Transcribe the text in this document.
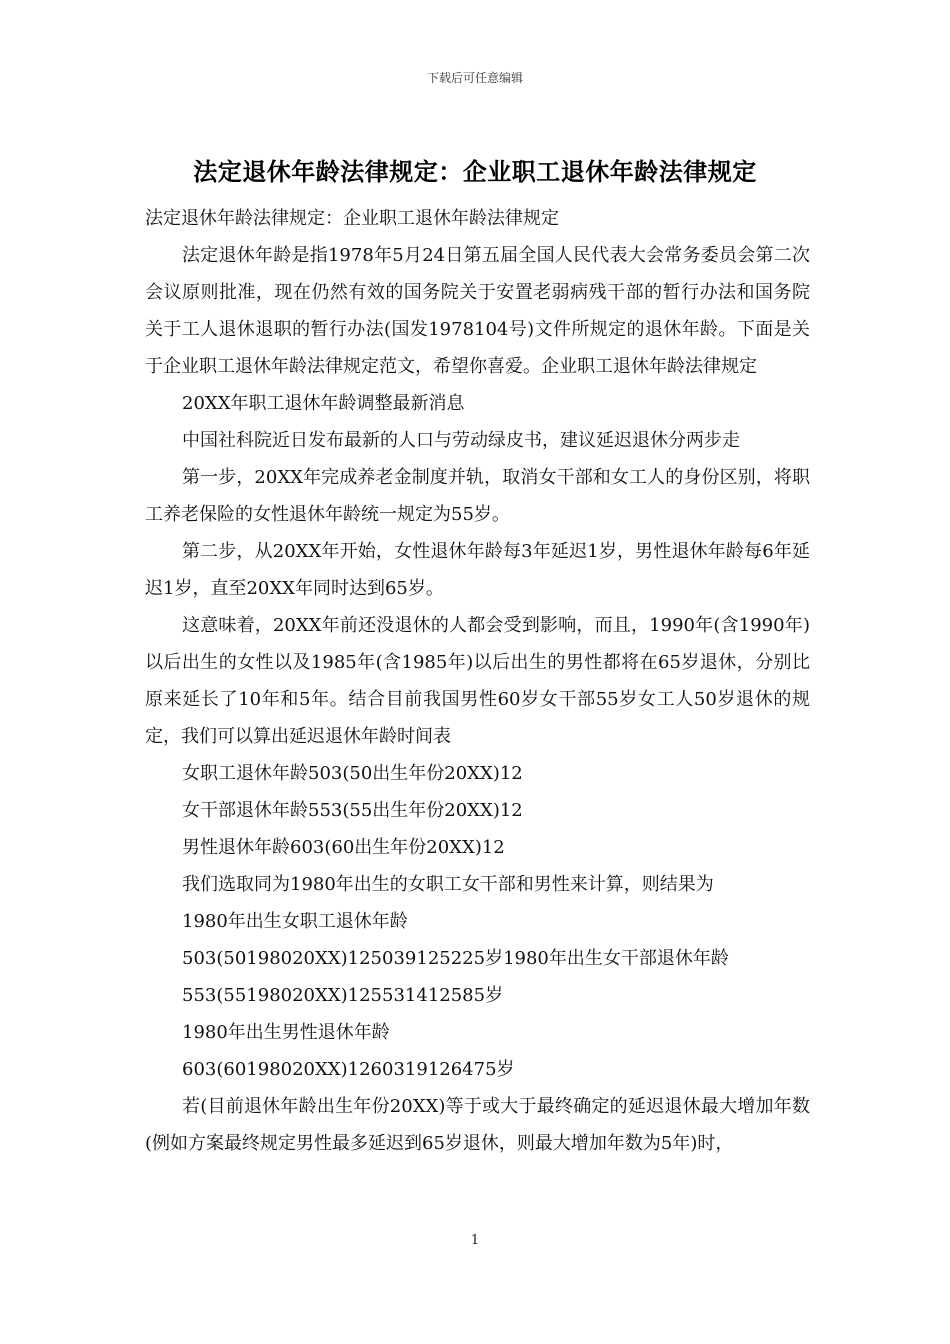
下载后可任意编辑
法定退休年龄法律规定：企业职工退休年龄法律规定

法定退休年龄法律规定：企业职工退休年龄法律规定

法定退休年龄是指1978年5月24日第五届全国人民代表大会常务委员会第二次会议原则批准，现在仍然有效的国务院关于安置老弱病残干部的暂行办法和国务院关于工人退休退职的暂行办法(国发1978104号)文件所规定的退休年龄。下面是关于企业职工退休年龄法律规定范文，希望你喜爱。企业职工退休年龄法律规定

20XX年职工退休年龄调整最新消息

中国社科院近日发布最新的人口与劳动绿皮书，建议延迟退休分两步走

第一步，20XX年完成养老金制度并轨，取消女干部和女工人的身份区别，将职工养老保险的女性退休年龄统一规定为55岁。

第二步，从20XX年开始，女性退休年龄每3年延迟1岁，男性退休年龄每6年延迟1岁，直至20XX年同时达到65岁。

这意味着，20XX年前还没退休的人都会受到影响，而且，1990年(含1990年)以后出生的女性以及1985年(含1985年)以后出生的男性都将在65岁退休，分别比原来延长了10年和5年。结合目前我国男性60岁女干部55岁女工人50岁退休的规定，我们可以算出延迟退休年龄时间表

女职工退休年龄503(50出生年份20XX)12

女干部退休年龄553(55出生年份20XX)12

男性退休年龄603(60出生年份20XX)12

我们选取同为1980年出生的女职工女干部和男性来计算，则结果为

1980年出生女职工退休年龄

503(50198020XX)125039125225岁1980年出生女干部退休年龄

553(55198020XX)125531412585岁

1980年出生男性退休年龄

603(60198020XX)1260319126475岁

若(目前退休年龄出生年份20XX)等于或大于最终确定的延迟退休最大增加年数(例如方案最终规定男性最多延迟到65岁退休，则最大增加年数为5年)时，

1
